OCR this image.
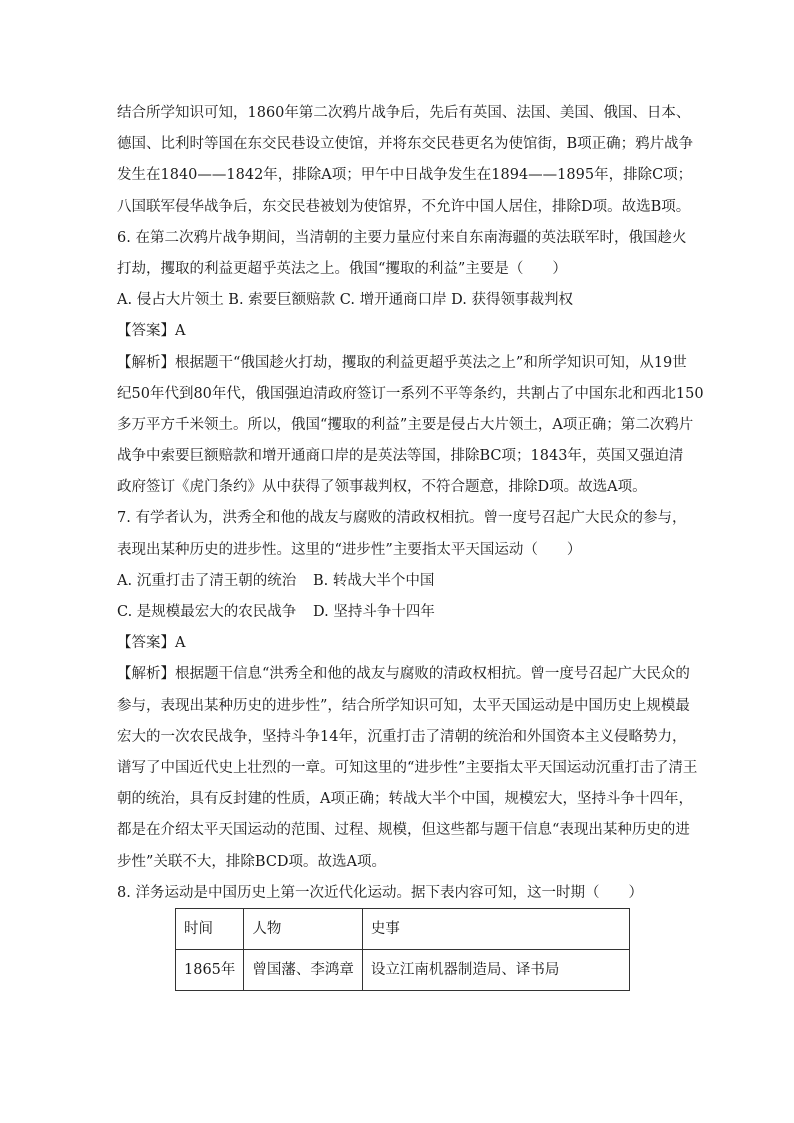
结合所学知识可知，1860年第二次鸦片战争后，先后有英国、法国、美国、俄国、日本、
德国、比利时等国在东交民巷设立使馆，并将东交民巷更名为使馆街，B项正确；鸦片战争
发生在1840——1842年，排除A项；甲午中日战争发生在1894——1895年，排除C项；
八国联军侵华战争后，东交民巷被划为使馆界，不允许中国人居住，排除D项。故选B项。
6. 在第二次鸦片战争期间，当清朝的主要力量应付来自东南海疆的英法联军时，俄国趁火
打劫，攫取的利益更超乎英法之上。俄国“攫取的利益”主要是（　　）
A. 侵占大片领土 B. 索要巨额赔款 C. 增开通商口岸 D. 获得领事裁判权
【答案】A
【解析】根据题干“俄国趁火打劫，攫取的利益更超乎英法之上”和所学知识可知，从19世
纪50年代到80年代，俄国强迫清政府签订一系列不平等条约，共割占了中国东北和西北150
多万平方千米领土。所以，俄国“攫取的利益”主要是侵占大片领土，A项正确；第二次鸦片
战争中索要巨额赔款和增开通商口岸的是英法等国，排除BC项；1843年，英国又强迫清
政府签订《虎门条约》从中获得了领事裁判权，不符合题意，排除D项。故选A项。
7. 有学者认为，洪秀全和他的战友与腐败的清政权相抗。曾一度号召起广大民众的参与，
表现出某种历史的进步性。这里的“进步性”主要指太平天国运动（　　）
A. 沉重打击了清王朝的统治 B. 转战大半个中国
C. 是规模最宏大的农民战争 D. 坚持斗争十四年
【答案】A
【解析】根据题干信息“洪秀全和他的战友与腐败的清政权相抗。曾一度号召起广大民众的
参与，表现出某种历史的进步性”，结合所学知识可知，太平天国运动是中国历史上规模最
宏大的一次农民战争，坚持斗争14年，沉重打击了清朝的统治和外国资本主义侵略势力，
谱写了中国近代史上壮烈的一章。可知这里的“进步性”主要指太平天国运动沉重打击了清王
朝的统治，具有反封建的性质，A项正确；转战大半个中国，规模宏大，坚持斗争十四年，
都是在介绍太平天国运动的范围、过程、规模，但这些都与题干信息“表现出某种历史的进
步性”关联不大，排除BCD项。故选A项。
8. 洋务运动是中国历史上第一次近代化运动。据下表内容可知，这一时期（　　）
时间	人物	史事
1865年	曾国藩、李鸿章	设立江南机器制造局、译书局
